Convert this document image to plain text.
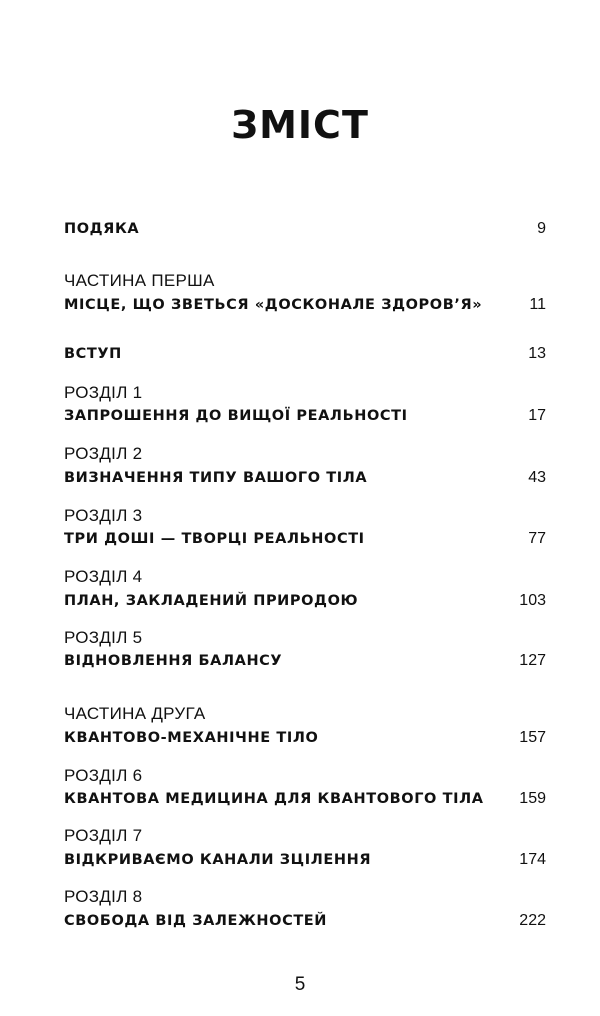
ЗМІСТ
ПОДЯКА	9
ЧАСТИНА ПЕРША
МІСЦЕ, ЩО ЗВЕТЬСЯ «ДОСКОНАЛЕ ЗДОРОВ’Я»	11
ВСТУП	13
РОЗДІЛ 1
ЗАПРОШЕННЯ ДО ВИЩОЇ РЕАЛЬНОСТІ	17
РОЗДІЛ 2
ВИЗНАЧЕННЯ ТИПУ ВАШОГО ТІЛА	43
РОЗДІЛ 3
ТРИ ДОШІ — ТВОРЦІ РЕАЛЬНОСТІ	77
РОЗДІЛ 4
ПЛАН, ЗАКЛАДЕНИЙ ПРИРОДОЮ	103
РОЗДІЛ 5
ВІДНОВЛЕННЯ БАЛАНСУ	127
ЧАСТИНА ДРУГА
КВАНТОВО-МЕХАНІЧНЕ ТІЛО	157
РОЗДІЛ 6
КВАНТОВА МЕДИЦИНА ДЛЯ КВАНТОВОГО ТІЛА 159
РОЗДІЛ 7
ВІДКРИВАЄМО КАНАЛИ ЗЦІЛЕННЯ	174
РОЗДІЛ 8
СВОБОДА ВІД ЗАЛЕЖНОСТЕЙ	222
5
